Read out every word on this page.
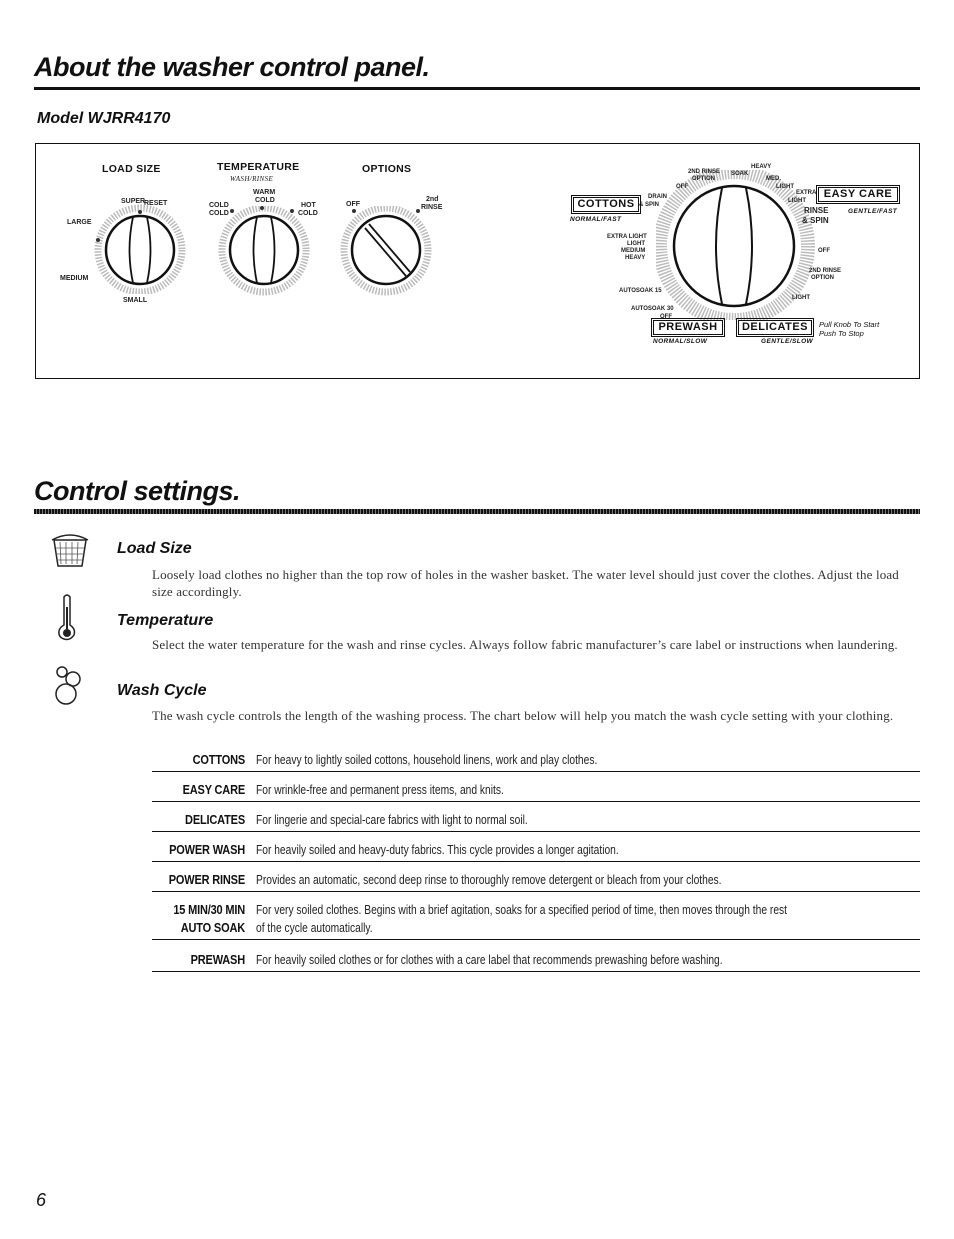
About the washer control panel.
Model WJRR4170
LOAD SIZE
SUPER
RESET
LARGE
MEDIUM
SMALL
TEMPERATURE
WASH/RINSE
WARM
COLD
COLD
COLD
HOT
COLD
OPTIONS
OFF
2nd
RINSE
2ND RINSE
OPTION
SOAK
HEAVY
MED.
LIGHT
OFF
DRAIN
& SPIN
EXTRA
LIGHT
RINSE
& SPIN
EXTRA LIGHT
LIGHT
MEDIUM
HEAVY
OFF
2ND RINSE
OPTION
LIGHT
AUTOSOAK 15
AUTOSOAK 30
OFF
COTTONS
NORMAL/FAST
EASY CARE
GENTLE/FAST
PREWASH
NORMAL/SLOW
DELICATES
GENTLE/SLOW
Pull Knob To Start
Push To Stop
Control settings.
Load Size
Loosely load clothes no higher than the top row of holes in the washer basket. The water level should just cover the clothes. Adjust the load size accordingly.
Temperature
Select the water temperature for the wash and rinse cycles. Always follow fabric manufacturer’s care label or instructions when laundering.
Wash Cycle
The wash cycle controls the length of the washing process. The chart below will help you match the wash cycle setting with your clothing.
COTTONS For heavy to lightly soiled cottons, household linens, work and play clothes.
EASY CARE For wrinkle-free and permanent press items, and knits.
DELICATES For lingerie and special-care fabrics with light to normal soil.
POWER WASH For heavily soiled and heavy-duty fabrics. This cycle provides a longer agitation.
POWER RINSE Provides an automatic, second deep rinse to thoroughly remove detergent or bleach from your clothes.
15 MIN/30 MIN
AUTO SOAK
For very soiled clothes. Begins with a brief agitation, soaks for a specified period of time, then moves through the rest
of the cycle automatically.
PREWASH For heavily soiled clothes or for clothes with a care label that recommends prewashing before washing.
6
